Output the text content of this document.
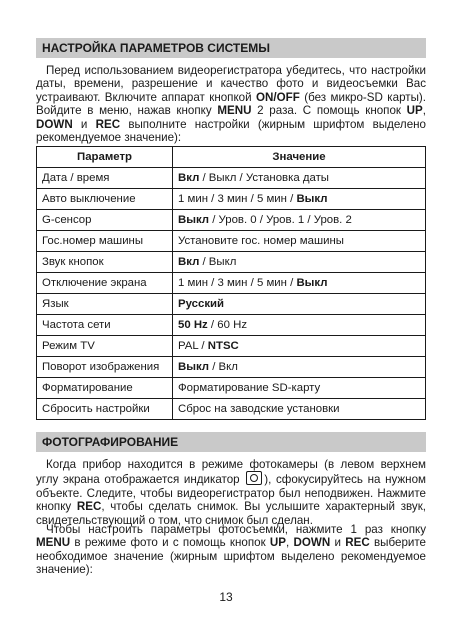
НАСТРОЙКА ПАРАМЕТРОВ СИСТЕМЫ

Перед использованием видеорегистратора убедитесь, что настройки даты, времени, разрешение и качество фото и видеосъемки Вас устраивают. Включите аппарат кнопкой ON/OFF (без микро-SD карты). Войдите в меню, нажав кнопку MENU 2 раза. С помощь кнопок UP, DOWN и REC выполните настройки (жирным шрифтом выделено рекомендуемое значение):

Параметр	Значение
Дата / время	Вкл / Выкл / Установка даты
Авто выключение	1 мин / 3 мин / 5 мин / Выкл
G-сенсор	Выкл / Уров. 0 / Уров. 1 / Уров. 2
Гос.номер машины	Установите гос. номер машины
Звук кнопок	Вкл / Выкл
Отключение экрана	1 мин / 3 мин / 5 мин / Выкл
Язык	Русский
Частота сети	50 Hz / 60 Hz
Режим TV	PAL / NTSC
Поворот изображения	Выкл / Вкл
Форматирование	Форматирование SD-карту
Сбросить настройки	Сброс на заводские установки
ФОТОГРАФИРОВАНИЕ

Когда прибор находится в режиме фотокамеры (в левом верхнем углу экрана отображается индикатор ), сфокусируйтесь на нужном объекте. Следите, чтобы видеорегистратор был неподвижен. Нажмите кнопку REC, чтобы сделать снимок. Вы услышите характерный звук, свидетельствующий о том, что снимок был сделан.

Чтобы настроить параметры фотосъемки, нажмите 1 раз кнопку MENU в режиме фото и с помощь кнопок UP, DOWN и REC выберите необходимое значение (жирным шрифтом выделено рекомендуемое значение):

13
